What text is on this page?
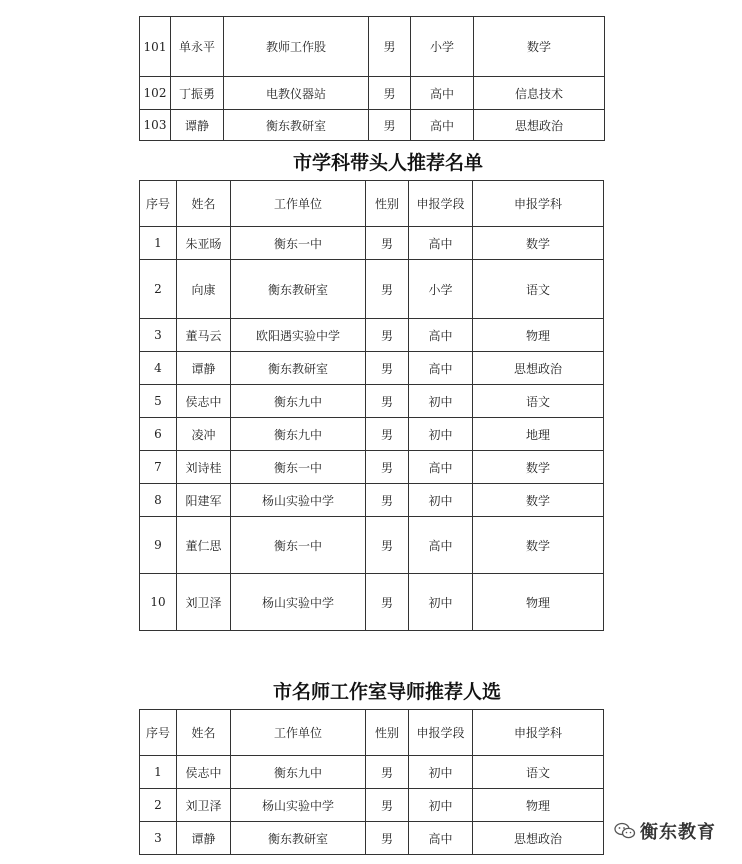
101	单永平	教师工作股	男	小学	数学
102	丁振勇	电教仪器站	男	高中	信息技术
103	谭静	衡东教研室	男	高中	思想政治
市学科带头人推荐名单
序号	姓名	工作单位	性别	申报学段	申报学科
1	朱亚旸	衡东一中	男	高中	数学
2	向康	衡东教研室	男	小学	语文
3	董马云	欧阳遇实验中学	男	高中	物理
4	谭静	衡东教研室	男	高中	思想政治
5	侯志中	衡东九中	男	初中	语文
6	凌冲	衡东九中	男	初中	地理
7	刘诗桂	衡东一中	男	高中	数学
8	阳建军	杨山实验中学	男	初中	数学
9	董仁思	衡东一中	男	高中	数学
10	刘卫泽	杨山实验中学	男	初中	物理
市名师工作室导师推荐人选
序号	姓名	工作单位	性别	申报学段	申报学科
1	侯志中	衡东九中	男	初中	语文
2	刘卫泽	杨山实验中学	男	初中	物理
3	谭静	衡东教研室	男	高中	思想政治	衡东教育
